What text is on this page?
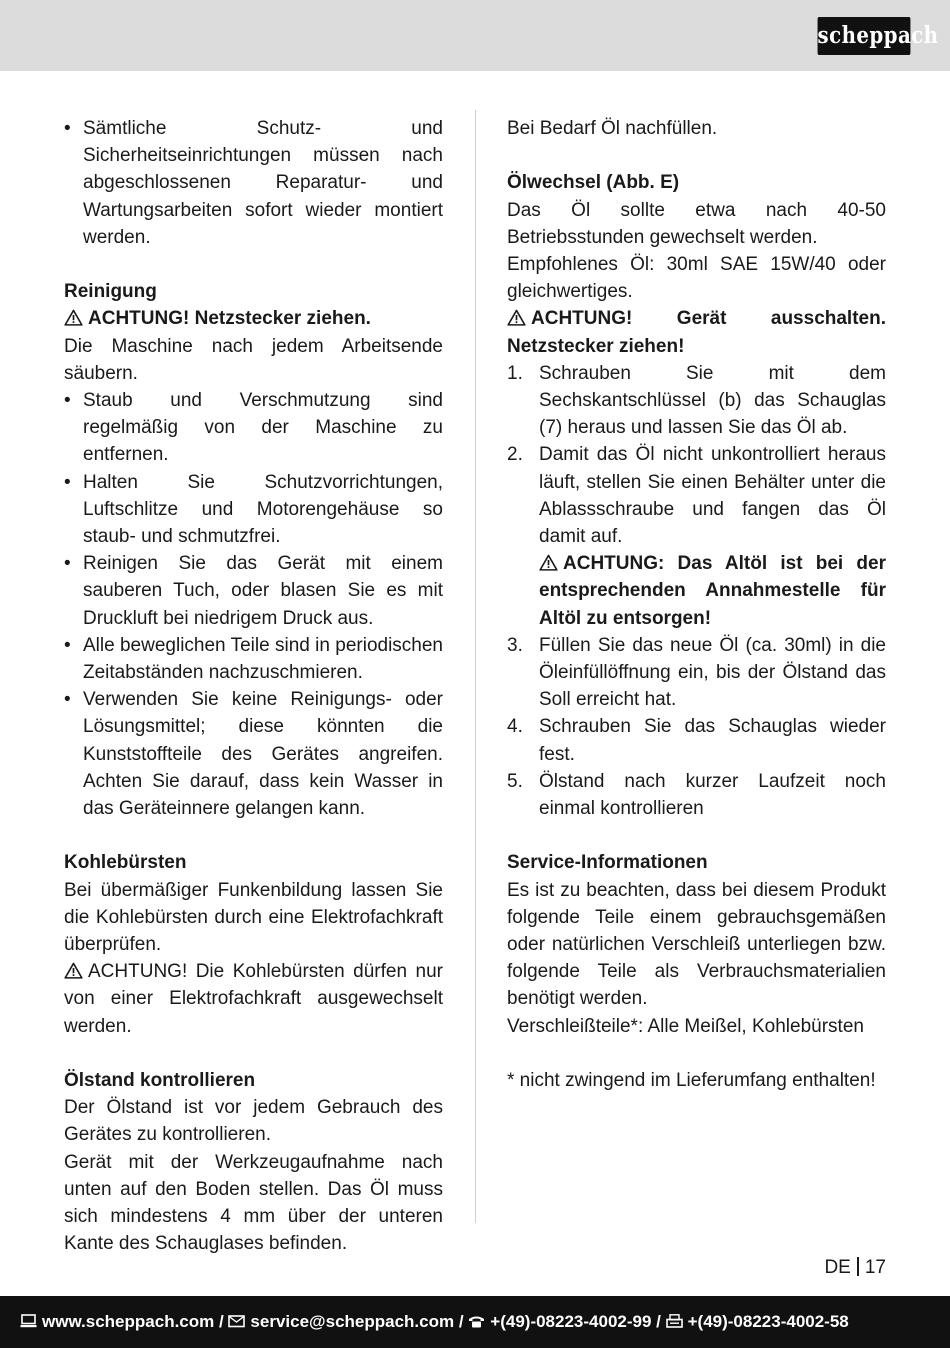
scheppach

• Sämtliche Schutz- und Sicherheitseinrichtungen müssen nach abgeschlossenen Reparatur- und Wartungsarbeiten sofort wieder montiert werden.

Reinigung

ACHTUNG! Netzstecker ziehen.

Die Maschine nach jedem Arbeitsende säubern.

• Staub und Verschmutzung sind regelmäßig von der Maschine zu entfernen.

• Halten Sie Schutzvorrichtungen, Luftschlitze und Motorengehäuse so staub- und schmutzfrei.

• Reinigen Sie das Gerät mit einem sauberen Tuch, oder blasen Sie es mit Druckluft bei niedrigem Druck aus.

• Alle beweglichen Teile sind in periodischen Zeitabständen nachzuschmieren.

• Verwenden Sie keine Reinigungs- oder Lösungsmittel; diese könnten die Kunststoffteile des Gerätes angreifen. Achten Sie darauf, dass kein Wasser in das Geräteinnere gelangen kann.

Kohlebürsten

Bei übermäßiger Funkenbildung lassen Sie die Kohlebürsten durch eine Elektrofachkraft überprüfen.

ACHTUNG! Die Kohlebürsten dürfen nur von einer Elektrofachkraft ausgewechselt werden.

Ölstand kontrollieren

Der Ölstand ist vor jedem Gebrauch des Gerätes zu kontrollieren.

Gerät mit der Werkzeugaufnahme nach unten auf den Boden stellen. Das Öl muss sich mindestens 4 mm über der unteren Kante des Schauglases befinden.

Bei Bedarf Öl nachfüllen.

Ölwechsel (Abb. E)

Das Öl sollte etwa nach 40-50 Betriebsstunden gewechselt werden.

Empfohlenes Öl: 30ml SAE 15W/40 oder gleichwertiges.

ACHTUNG! Gerät ausschalten. Netzstecker ziehen!

1. Schrauben Sie mit dem Sechskantschlüssel (b) das Schauglas (7) heraus und lassen Sie das Öl ab.

2. Damit das Öl nicht unkontrolliert heraus läuft, stellen Sie einen Behälter unter die Ablassschraube und fangen das Öl damit auf.

ACHTUNG: Das Altöl ist bei der entsprechenden Annahmestelle für Altöl zu entsorgen!

3. Füllen Sie das neue Öl (ca. 30ml) in die Öleinfüllöffnung ein, bis der Ölstand das Soll erreicht hat.

4. Schrauben Sie das Schauglas wieder fest.

5. Ölstand nach kurzer Laufzeit noch einmal kontrollieren

Service-Informationen

Es ist zu beachten, dass bei diesem Produkt folgende Teile einem gebrauchsgemäßen oder natürlichen Verschleiß unterliegen bzw. folgende Teile als Verbrauchsmaterialien benötigt werden.

Verschleißteile*: Alle Meißel, Kohlebürsten

* nicht zwingend im Lieferumfang enthalten!

DE 17
www.scheppach.com / service@scheppach.com / +(49)-08223-4002-99 / +(49)-08223-4002-58
